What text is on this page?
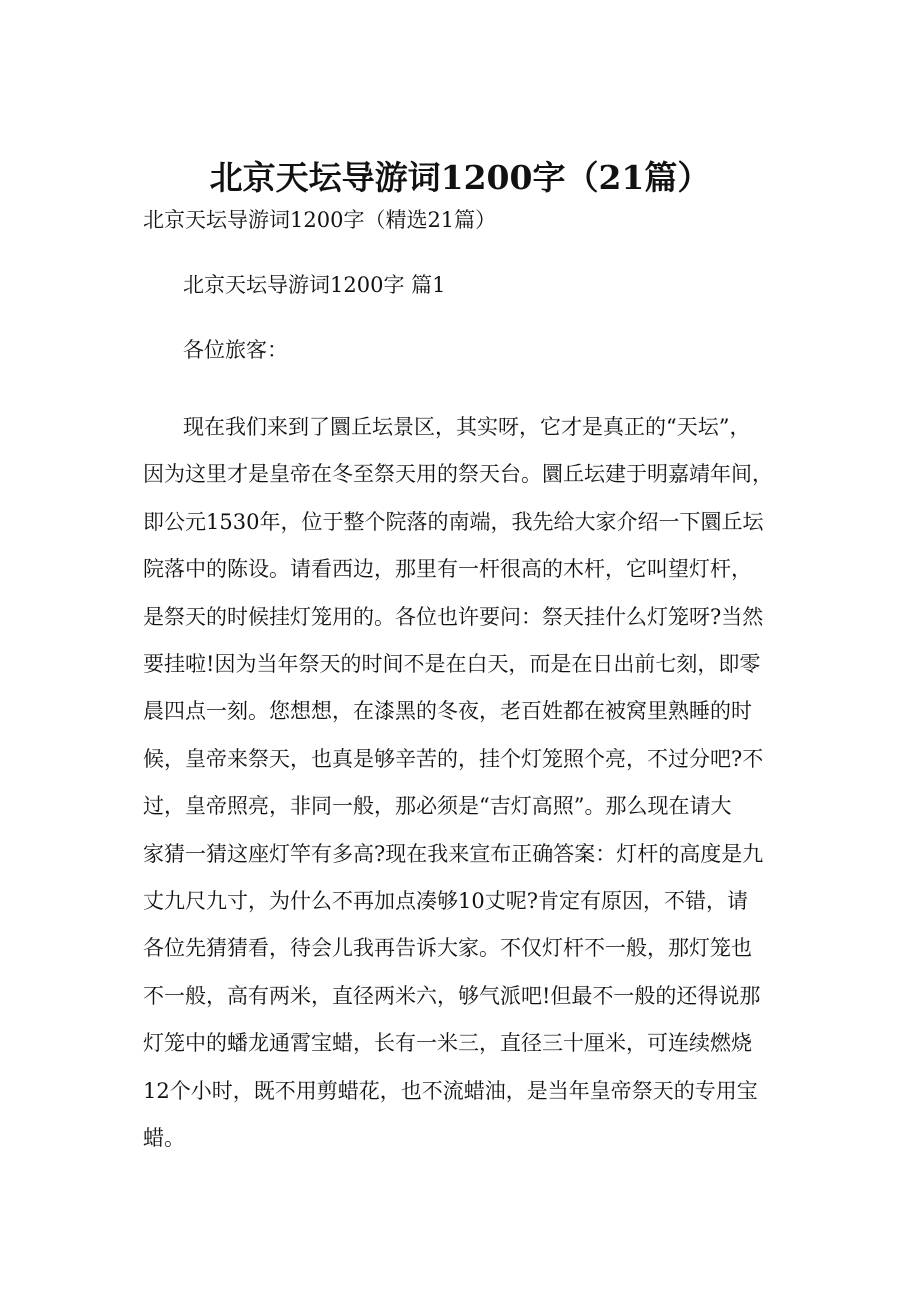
北京天坛导游词1200字（21篇）
北京天坛导游词1200字（精选21篇）
北京天坛导游词1200字 篇1
各位旅客：
现在我们来到了圜丘坛景区，其实呀，它才是真正的“天坛”，
因为这里才是皇帝在冬至祭天用的祭天台。圜丘坛建于明嘉靖年间，
即公元1530年，位于整个院落的南端，我先给大家介绍一下圜丘坛
院落中的陈设。请看西边，那里有一杆很高的木杆，它叫望灯杆，
是祭天的时候挂灯笼用的。各位也许要问：祭天挂什么灯笼呀?当然
要挂啦!因为当年祭天的时间不是在白天，而是在日出前七刻，即零
晨四点一刻。您想想，在漆黑的冬夜，老百姓都在被窝里熟睡的时
候，皇帝来祭天，也真是够辛苦的，挂个灯笼照个亮，不过分吧?不
过，皇帝照亮，非同一般，那必须是“吉灯高照”。那么现在请大
家猜一猜这座灯竿有多高?现在我来宣布正确答案：灯杆的高度是九
丈九尺九寸，为什么不再加点凑够10丈呢?肯定有原因，不错，请
各位先猜猜看，待会儿我再告诉大家。不仅灯杆不一般，那灯笼也
不一般，高有两米，直径两米六，够气派吧!但最不一般的还得说那
灯笼中的蟠龙通霄宝蜡，长有一米三，直径三十厘米，可连续燃烧
12个小时，既不用剪蜡花，也不流蜡油，是当年皇帝祭天的专用宝
蜡。
